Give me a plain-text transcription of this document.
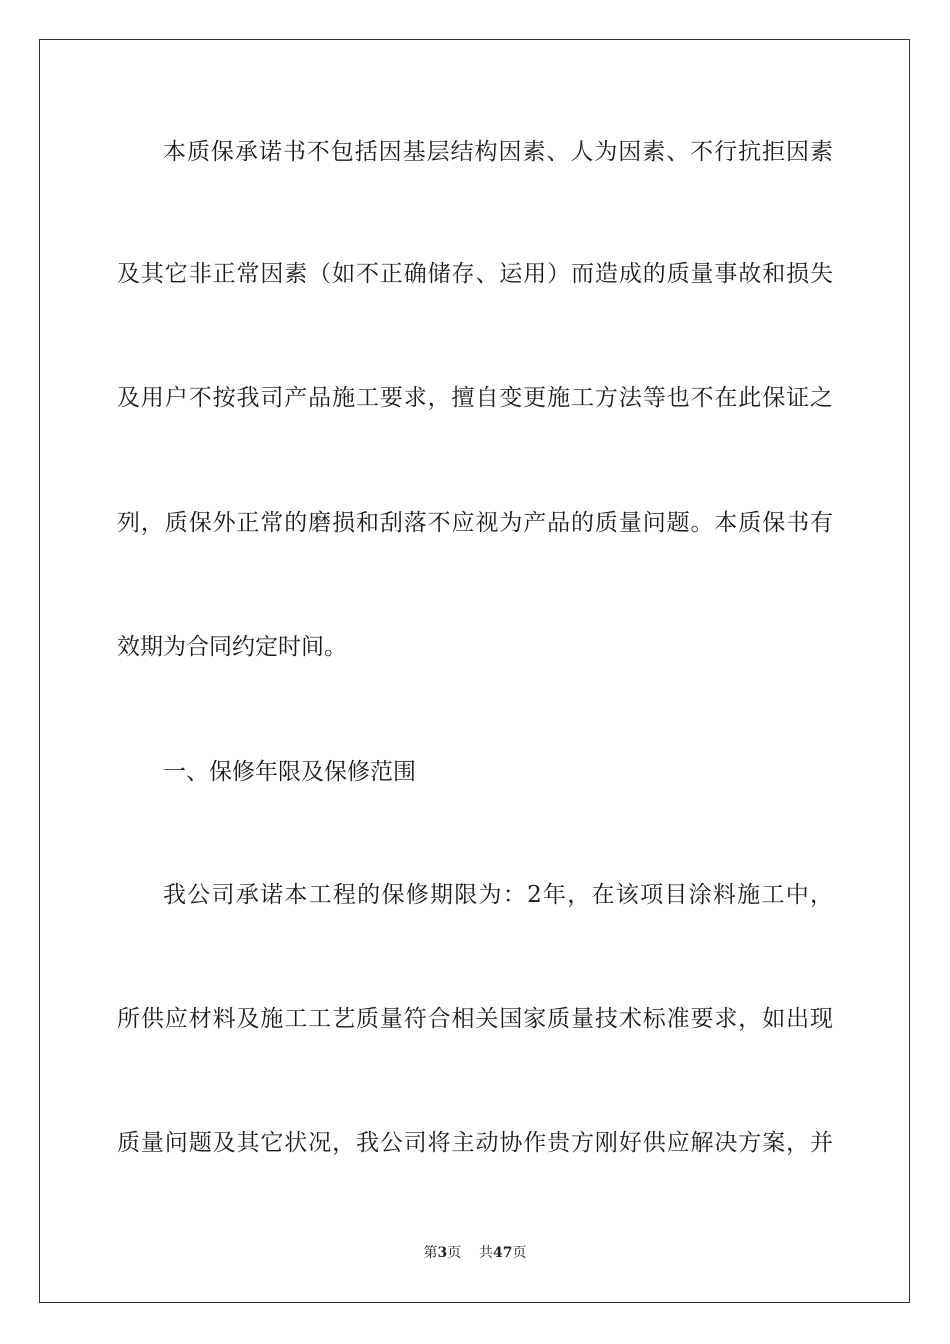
本质保承诺书不包括因基层结构因素、人为因素、不行抗拒因素
及其它非正常因素（如不正确储存、运用）而造成的质量事故和损失
及用户不按我司产品施工要求，擅自变更施工方法等也不在此保证之
列，质保外正常的磨损和刮落不应视为产品的质量问题。本质保书有
效期为合同约定时间。
一、保修年限及保修范围
我公司承诺本工程的保修期限为：2年，在该项目涂料施工中，
所供应材料及施工工艺质量符合相关国家质量技术标准要求，如出现
质量问题及其它状况，我公司将主动协作贵方刚好供应解决方案，并
第3页 共47页
